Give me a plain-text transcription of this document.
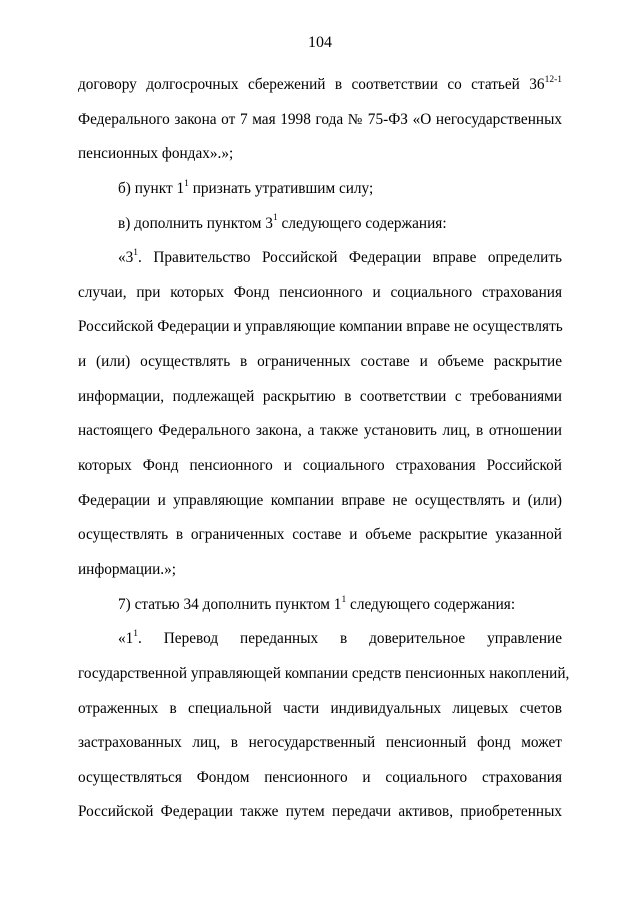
104
договору долгосрочных сбережений в соответствии со статьей 36$^{12-1}$
Федерального закона от 7 мая 1998 года № 75-ФЗ «О негосударственных
пенсионных фондах».»;
б) пункт $1^1$ признать утратившим силу;
в) дополнить пунктом $3^1$ следующего содержания:
«$3^1$. Правительство Российской Федерации вправе определить
случаи, при которых Фонд пенсионного и социального страхования
Российской Федерации и управляющие компании вправе не осуществлять
и (или) осуществлять в ограниченных составе и объеме раскрытие
информации, подлежащей раскрытию в соответствии с требованиями
настоящего Федерального закона, а также установить лиц, в отношении
которых Фонд пенсионного и социального страхования Российской
Федерации и управляющие компании вправе не осуществлять и (или)
осуществлять в ограниченных составе и объеме раскрытие указанной
информации.»;
7) статью 34 дополнить пунктом $1^1$ следующего содержания:
«$1^1$. Перевод переданных в доверительное управление
государственной управляющей компании средств пенсионных накоплений,
отраженных в специальной части индивидуальных лицевых счетов
застрахованных лиц, в негосударственный пенсионный фонд может
осуществляться Фондом пенсионного и социального страхования
Российской Федерации также путем передачи активов, приобретенных
